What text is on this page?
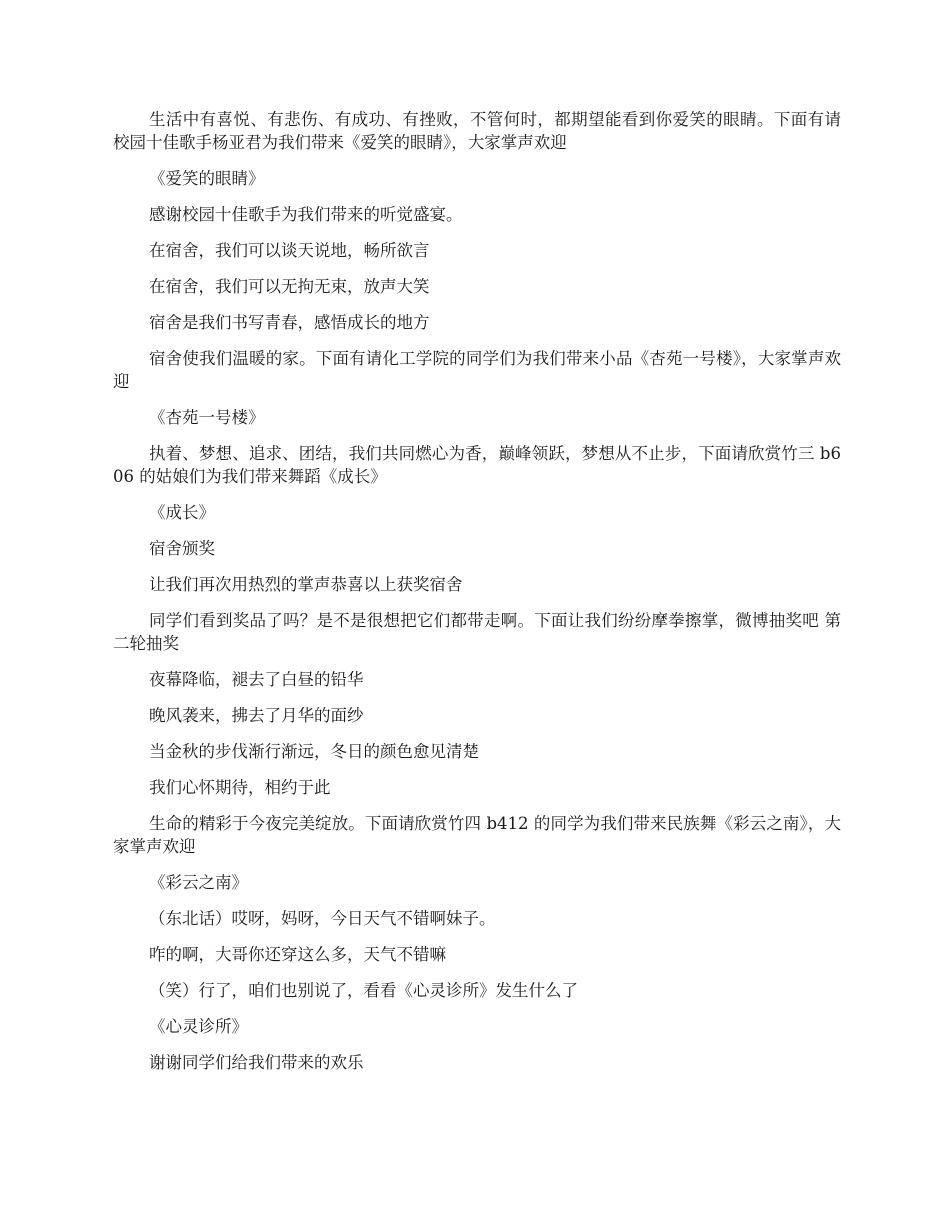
生活中有喜悦、有悲伤、有成功、有挫败，不管何时，都期望能看到你爱笑的眼睛。下面有请校园十佳歌手杨亚君为我们带来《爱笑的眼睛》，大家掌声欢迎

《爱笑的眼睛》

感谢校园十佳歌手为我们带来的听觉盛宴。

在宿舍，我们可以谈天说地，畅所欲言

在宿舍，我们可以无拘无束，放声大笑

宿舍是我们书写青春，感悟成长的地方

宿舍使我们温暖的家。下面有请化工学院的同学们为我们带来小品《杏苑一号楼》，大家掌声欢迎

《杏苑一号楼》

执着、梦想、追求、团结，我们共同燃心为香，巅峰领跃，梦想从不止步，下面请欣赏竹三 b606 的姑娘们为我们带来舞蹈《成长》

《成长》

宿舍颁奖

让我们再次用热烈的掌声恭喜以上获奖宿舍

同学们看到奖品了吗？是不是很想把它们都带走啊。下面让我们纷纷摩拳擦掌，微博抽奖吧 第二轮抽奖

夜幕降临，褪去了白昼的铅华

晚风袭来，拂去了月华的面纱

当金秋的步伐渐行渐远，冬日的颜色愈见清楚

我们心怀期待，相约于此

生命的精彩于今夜完美绽放。下面请欣赏竹四 b412 的同学为我们带来民族舞《彩云之南》，大家掌声欢迎

《彩云之南》

（东北话）哎呀，妈呀，今日天气不错啊妹子。

咋的啊，大哥你还穿这么多，天气不错嘛

（笑）行了，咱们也别说了，看看《心灵诊所》发生什么了

《心灵诊所》

谢谢同学们给我们带来的欢乐
